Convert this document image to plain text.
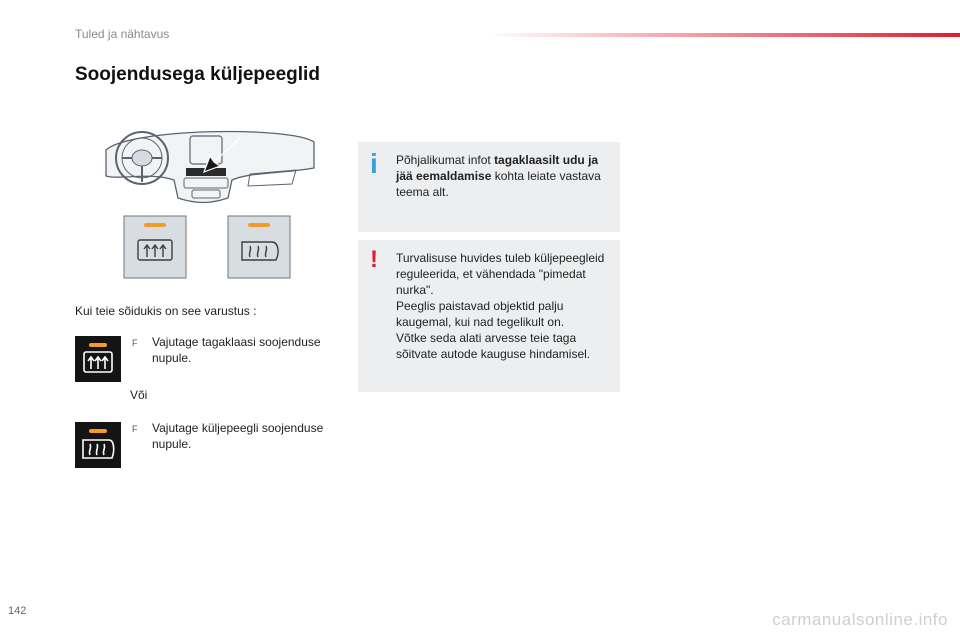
Tuled ja nähtavus
Soojendusega küljepeeglid
Kui teie sõidukis on see varustus :
F	Vajutage tagaklaasi soojenduse nupule.
Või
F	Vajutage küljepeegli soojenduse nupule.
i Põhjalikumat infot tagaklaasilt udu ja jää eemaldamise kohta leiate vastava teema alt.
! Turvalisuse huvides tuleb küljepeegleid reguleerida, et vähendada "pimedat nurka".
Peeglis paistavad objektid palju kaugemal, kui nad tegelikult on.
Võtke seda alati arvesse teie taga sõitvate autode kauguse hindamisel.
142	carmanualsonline.info
